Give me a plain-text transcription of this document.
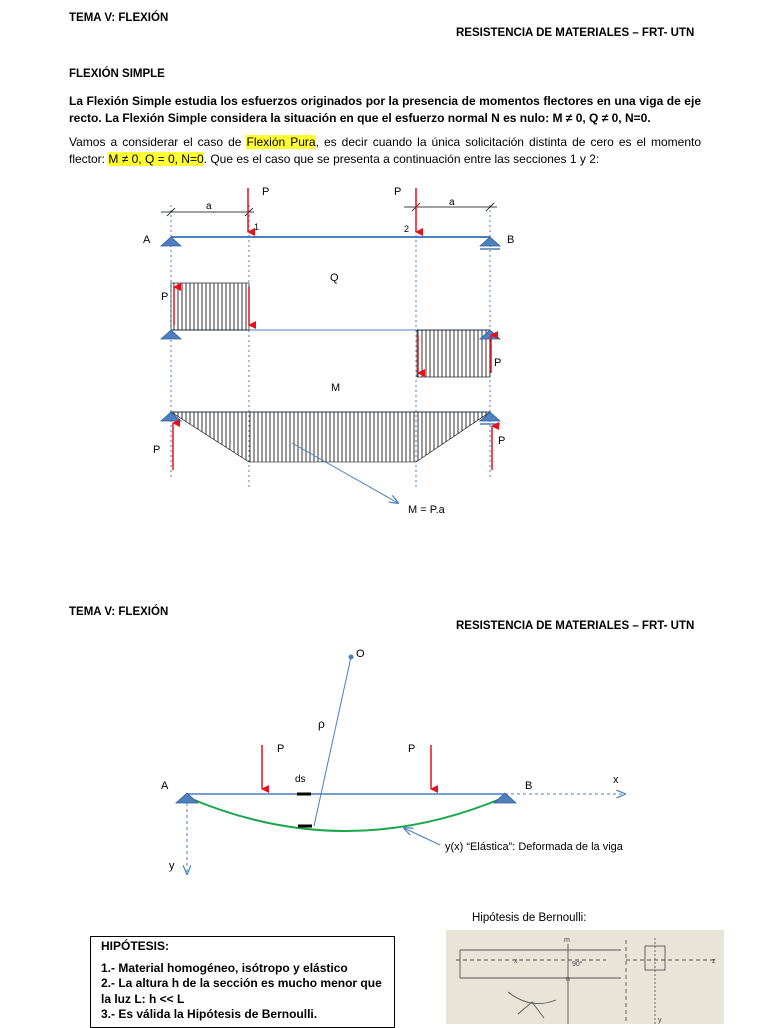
TEMA V: FLEXIÓN
RESISTENCIA DE MATERIALES – FRT- UTN
FLEXIÓN SIMPLE
La Flexión Simple estudia los esfuerzos originados por la presencia de momentos flectores en una viga de eje recto. La Flexión Simple considera la situación en que el esfuerzo normal N es nulo: M ≠ 0, Q ≠ 0, N=0.
Vamos a considerar el caso de Flexión Pura, es decir cuando la única solicitación distinta de cero es el momento flector: M ≠ 0, Q = 0, N=0. Que es el caso que se presenta a continuación entre las secciones 1 y 2:
a	a
A	B
P	P
1	2
Q
P
P
M
P
P
M = P.a
TEMA V: FLEXIÓN
RESISTENCIA DE MATERIALES – FRT- UTN
O
ρ
x
ds
A	B
P	P
y
y(x) “Elástica”: Deformada de la viga
Hipótesis de Bernoulli:
HIPÓTESIS:
1.- Material homogéneo, isótropo y elástico
2.- La altura h de la sección es mucho menor que la luz L: h << L
3.- Es válida la Hipótesis de Bernoulli.
m
n
90°
x	z
y
